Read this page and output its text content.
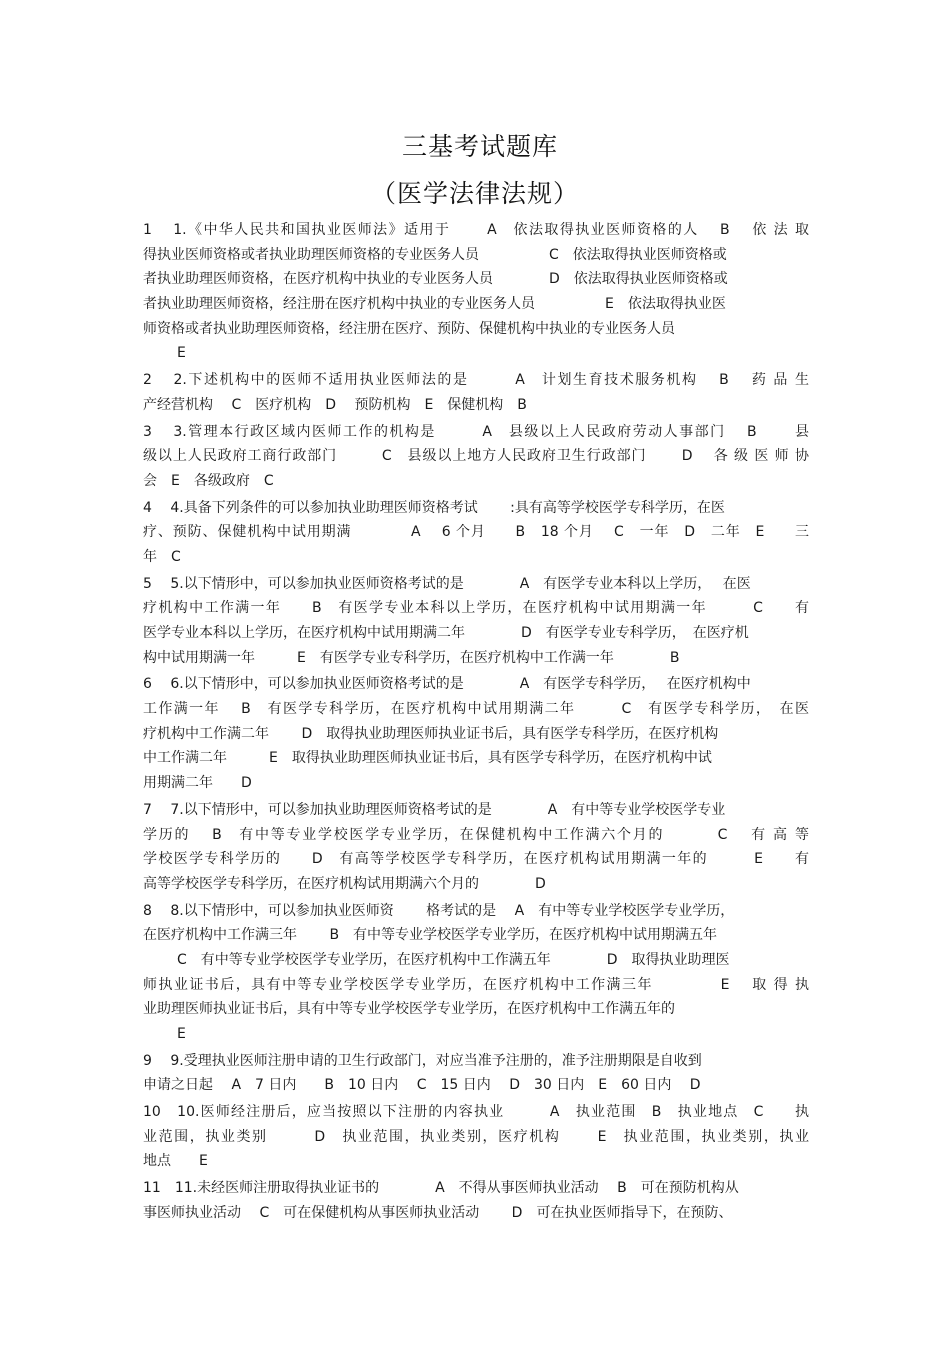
三基考试题库
（医学法律法规）
1 　1.《中华人民共和国执业医师法》适用于　　 A　依法取得执业医师资格的人　 B　 依 法 取
得执业医师资格或者执业助理医师资格的专业医务人员　　　　　C　依法取得执业医师资格或
者执业助理医师资格，在医疗机构中执业的专业医务人员　　　　D　依法取得执业医师资格或
者执业助理医师资格，经注册在医疗机构中执业的专业医务人员　　　　　E　依法取得执业医
师资格或者执业助理医师资格，经注册在医疗、预防、保健机构中执业的专业医务人员
E
2 　2.下述机构中的医师不适用执业医师法的是　　　A　计划生育技术服务机构　 B　 药 品 生
产经营机构　 C　医疗机构　D　 预防机构　E　保健机构　B
3 　3.管理本行政区域内医师工作的机构是　　　A　县级以上人民政府劳动人事部门　 B　　 县
级以上人民政府工商行政部门　　　C　县级以上地方人民政府卫生行政部门　　 D　 各 级 医 师 协
会　E　各级政府　C
4 　4.具备下列条件的可以参加执业助理医师资格考试　　 :具有高等学校医学专科学历，在医
疗、预防、保健机构中试用期满　　　　A　 6 个月　　B　18 个月　 C　一年　D　二年　E　　三
年　C
5 　5.以下情形中，可以参加执业医师资格考试的是　　　　A　有医学专业本科以上学历，　 在医
疗机构中工作满一年　　B　有医学专业本科以上学历，在医疗机构中试用期满一年　　　C　　有
医学专业本科以上学历，在医疗机构中试用期满二年　　　　D　有医学专业专科学历，　在医疗机
构中试用期满一年　　　E　有医学专业专科学历，在医疗机构中工作满一年　　　　B
6 　6.以下情形中，可以参加执业医师资格考试的是　　　　A　有医学专科学历，　 在医疗机构中
工作满一年　 B　有医学专科学历，在医疗机构中试用期满二年　　　C　有医学专科学历，　在医
疗机构中工作满二年　　 D　取得执业助理医师执业证书后，具有医学专科学历，在医疗机构
中工作满二年　　　E　取得执业助理医师执业证书后，具有医学专科学历，在医疗机构中试
用期满二年　　D
7 　7.以下情形中，可以参加执业助理医师资格考试的是　　　　A　有中等专业学校医学专业
学历的　 B　有中等专业学校医学专业学历，在保健机构中工作满六个月的　　　 C　 有 高 等
学校医学专科学历的　　D　有高等学校医学专科学历，在医疗机构试用期满一年的　　　E　　有
高等学校医学专科学历，在医疗机构试用期满六个月的　　　　D
8 　8.以下情形中，可以参加执业医师资　　 格考试的是　 A　有中等专业学校医学专业学历，
在医疗机构中工作满三年　　 B　有中等专业学校医学专业学历，在医疗机构中试用期满五年
C　有中等专业学校医学专业学历，在医疗机构中工作满五年　　　　D　取得执业助理医
师执业证书后，具有中等专业学校医学专业学历，在医疗机构中工作满三年　　　　 E　 取 得 执
业助理医师执业证书后，具有中等专业学校医学专业学历，在医疗机构中工作满五年的
E
9 　9.受理执业医师注册申请的卫生行政部门，对应当准予注册的，准予注册期限是自收到
申请之日起　 A　7 日内　　B　10 日内　 C　15 日内　 D　30 日内　E　60 日内　 D
10　10.医师经注册后，应当按照以下注册的内容执业　　　A　执业范围　B　执业地点　C　　执
业范围，执业类别　　　D　执业范围，执业类别，医疗机构　　 E　执业范围，执业类别，执业
地点　　E
11　11.未经医师注册取得执业证书的　　　　A　不得从事医师执业活动　 B　可在预防机构从
事医师执业活动　 C　可在保健机构从事医师执业活动　　 D　可在执业医师指导下，在预防、
